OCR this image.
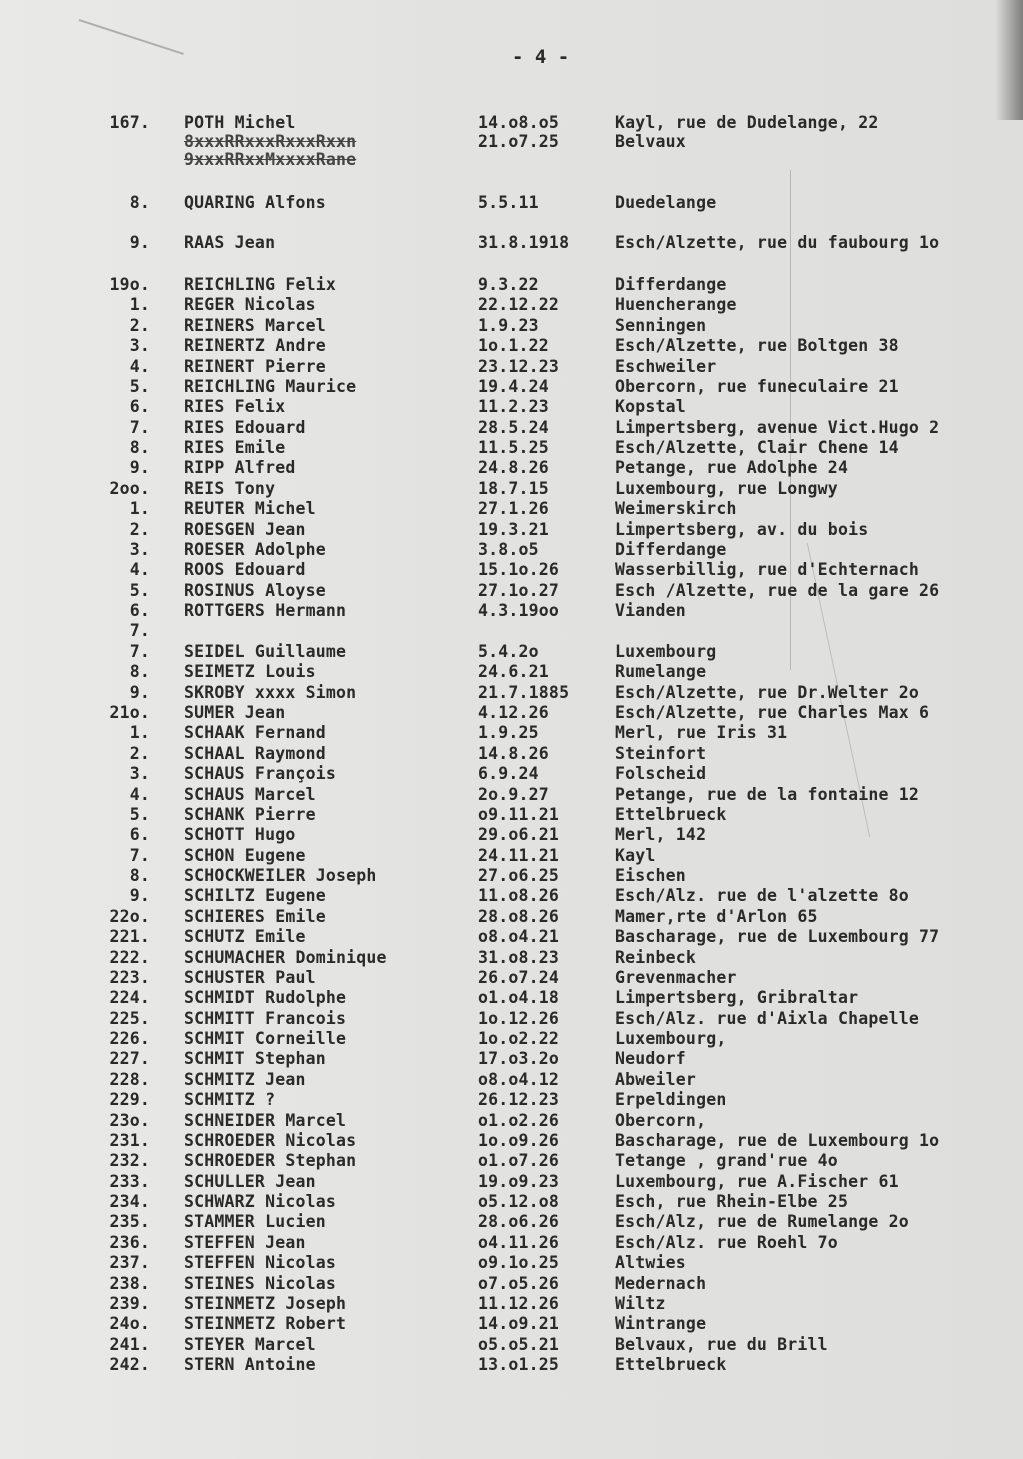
- 4 -
167. POTH Michel	14.o8.o5	Kayl, rue de Dudelange, 22
8xxxRRxxxRxxxRxxn	21.o7.25	Belvaux
9xxxRRxxMxxxxRane
8. QUARING Alfons	5.5.11	Duedelange
9. RAAS Jean	31.8.1918	Esch/Alzette, rue du faubourg 1o
19o. REICHLING Felix	9.3.22	Differdange
1. REGER Nicolas	22.12.22	Huencherange
2. REINERS Marcel	1.9.23	Senningen
3. REINERTZ Andre	1o.1.22	Esch/Alzette, rue Boltgen 38
4. REINERT Pierre	23.12.23	Eschweiler
5. REICHLING Maurice	19.4.24	Obercorn, rue funeculaire 21
6. RIES Felix	11.2.23	Kopstal
7. RIES Edouard	28.5.24	Limpertsberg, avenue Vict.Hugo 2
8. RIES Emile	11.5.25	Esch/Alzette, Clair Chene 14
9. RIPP Alfred	24.8.26	Petange, rue Adolphe 24
2oo. REIS Tony	18.7.15	Luxembourg, rue Longwy
1. REUTER Michel	27.1.26	Weimerskirch
2. ROESGEN Jean	19.3.21	Limpertsberg, av. du bois
3. ROESER Adolphe	3.8.o5	Differdange
4. ROOS Edouard	15.1o.26	Wasserbillig, rue d'Echternach
5. ROSINUS Aloyse	27.1o.27	Esch /Alzette, rue de la gare 26
6. ROTTGERS Hermann	4.3.19oo	Vianden
7.
7. SEIDEL Guillaume	5.4.2o	Luxembourg
8. SEIMETZ Louis	24.6.21	Rumelange
9. SKROBY xxxx Simon	21.7.1885	Esch/Alzette, rue Dr.Welter 2o
21o. SUMER Jean	4.12.26	Esch/Alzette, rue Charles Max 6
1. SCHAAK Fernand	1.9.25	Merl, rue Iris 31
2. SCHAAL Raymond	14.8.26	Steinfort
3. SCHAUS François	6.9.24	Folscheid
4. SCHAUS Marcel	2o.9.27	Petange, rue de la fontaine 12
5. SCHANK Pierre	o9.11.21	Ettelbrueck
6. SCHOTT Hugo	29.o6.21	Merl, 142
7. SCHON Eugene	24.11.21	Kayl
8. SCHOCKWEILER Joseph	27.o6.25	Eischen
9. SCHILTZ Eugene	11.o8.26	Esch/Alz. rue de l'alzette 8o
22o. SCHIERES Emile	28.o8.26	Mamer,rte d'Arlon 65
221. SCHUTZ Emile	o8.o4.21	Bascharage, rue de Luxembourg 77
222. SCHUMACHER Dominique	31.o8.23	Reinbeck
223. SCHUSTER Paul	26.o7.24	Grevenmacher
224. SCHMIDT Rudolphe	o1.o4.18	Limpertsberg, Gribraltar
225. SCHMITT Francois	1o.12.26	Esch/Alz. rue d'Aixla Chapelle
226. SCHMIT Corneille	1o.o2.22	Luxembourg,
227. SCHMIT Stephan	17.o3.2o	Neudorf
228. SCHMITZ Jean	o8.o4.12	Abweiler
229. SCHMITZ ?	26.12.23	Erpeldingen
23o. SCHNEIDER Marcel	o1.o2.26	Obercorn,
231. SCHROEDER Nicolas	1o.o9.26	Bascharage, rue de Luxembourg 1o
232. SCHROEDER Stephan	o1.o7.26	Tetange , grand'rue 4o
233. SCHULLER Jean	19.o9.23	Luxembourg, rue A.Fischer 61
234. SCHWARZ Nicolas	o5.12.o8	Esch, rue Rhein-Elbe 25
235. STAMMER Lucien	28.o6.26	Esch/Alz, rue de Rumelange 2o
236. STEFFEN Jean	o4.11.26	Esch/Alz. rue Roehl 7o
237. STEFFEN Nicolas	o9.1o.25	Altwies
238. STEINES Nicolas	o7.o5.26	Medernach
239. STEINMETZ Joseph	11.12.26	Wiltz
24o. STEINMETZ Robert	14.o9.21	Wintrange
241. STEYER Marcel	o5.o5.21	Belvaux, rue du Brill
242. STERN Antoine	13.o1.25	Ettelbrueck
